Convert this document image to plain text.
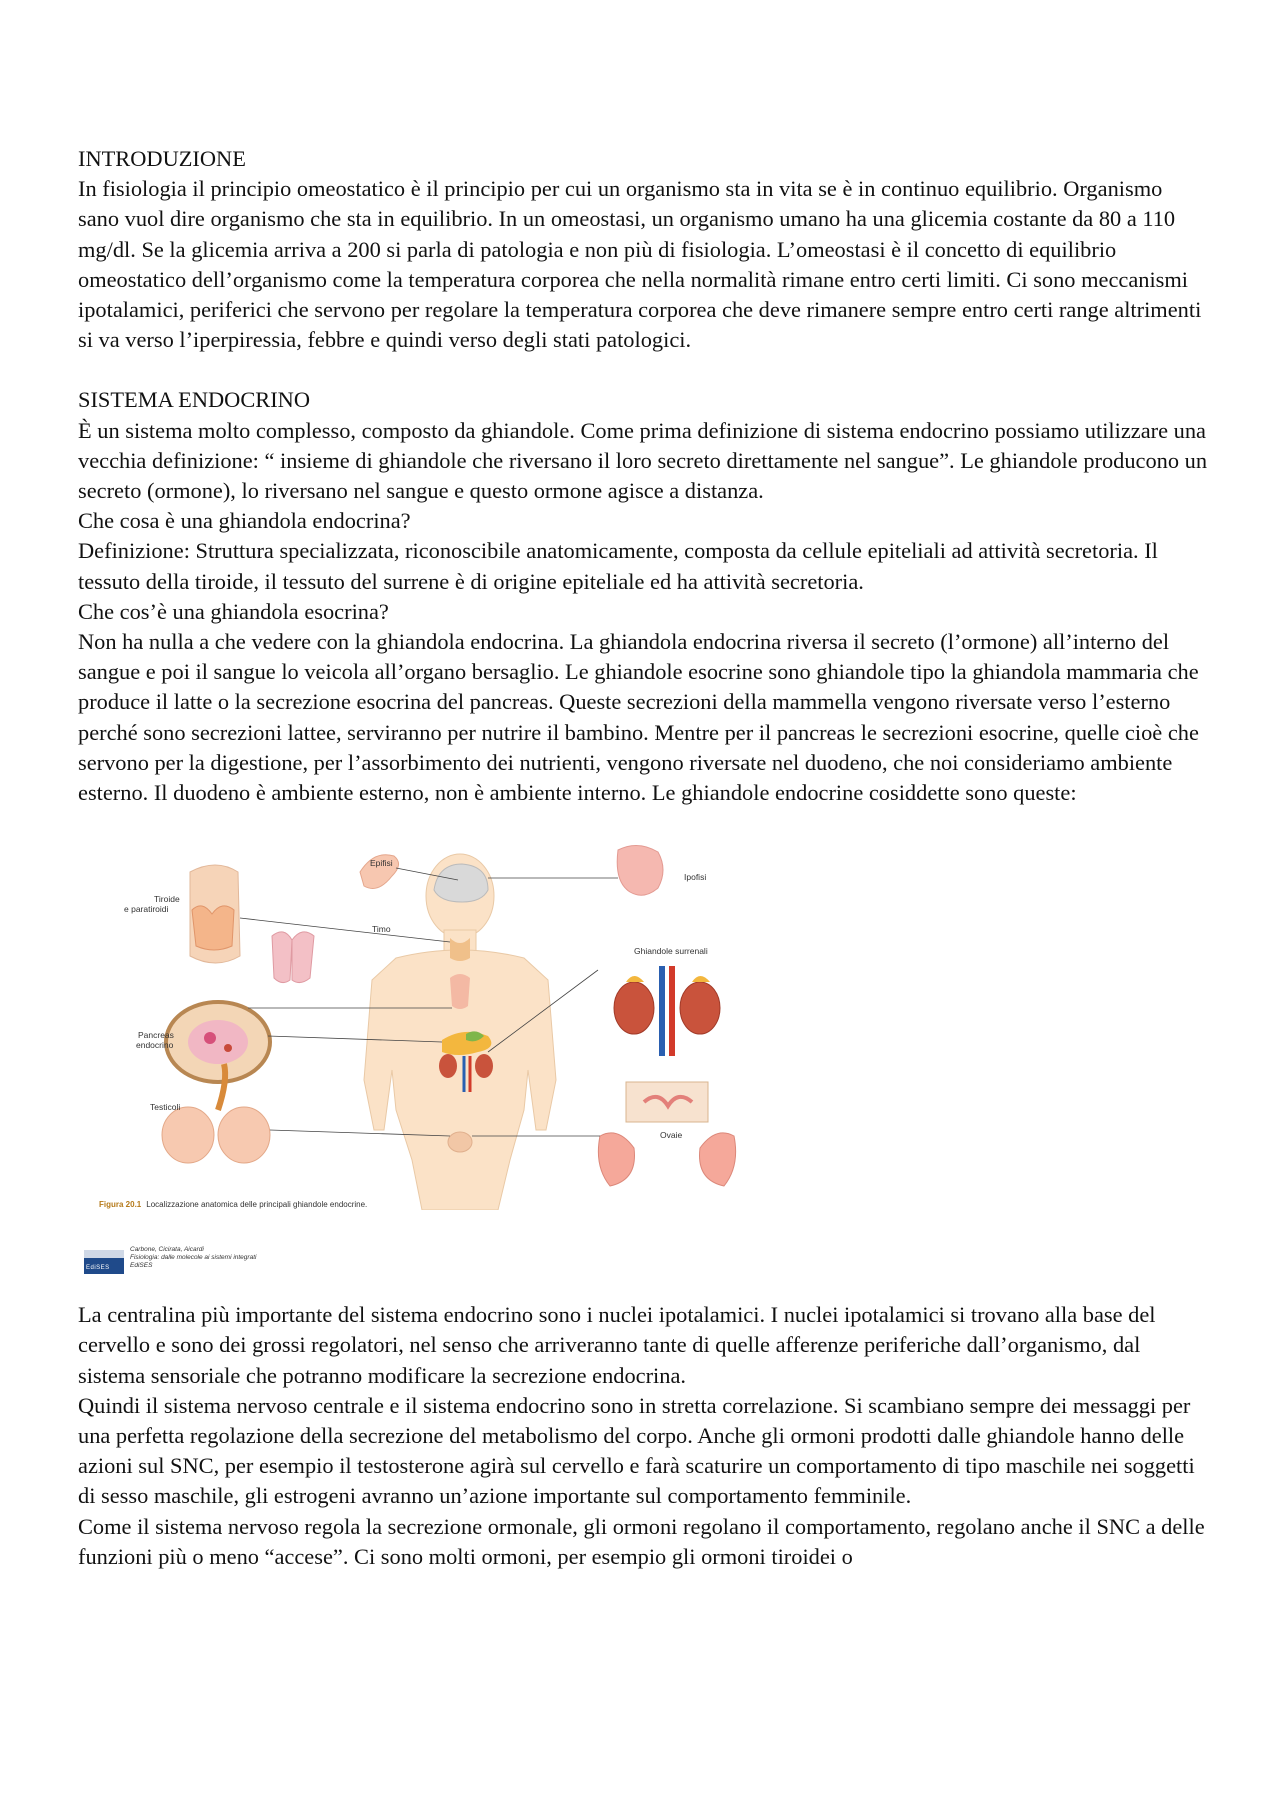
INTRODUZIONE

In fisiologia il principio omeostatico è il principio per cui un organismo sta in vita se è in continuo equilibrio. Organismo sano vuol dire organismo che sta in equilibrio. In un omeostasi, un organismo umano ha una glicemia costante da 80 a 110 mg/dl. Se la glicemia arriva a 200 si parla di patologia e non più di fisiologia. L’omeostasi è il concetto di equilibrio omeostatico dell’organismo come la temperatura corporea che nella normalità rimane entro certi limiti. Ci sono meccanismi ipotalamici, periferici che servono per regolare la temperatura corporea che deve rimanere sempre entro certi range altrimenti si va verso l’iperpiressia, febbre e quindi verso degli stati patologici.

SISTEMA ENDOCRINO

È un sistema molto complesso, composto da ghiandole. Come prima definizione di sistema endocrino possiamo utilizzare una vecchia definizione: “ insieme di ghiandole che riversano il loro secreto direttamente nel sangue”. Le ghiandole producono un secreto (ormone), lo riversano nel sangue e questo ormone agisce a distanza.

Che cosa è una ghiandola endocrina?

Definizione: Struttura specializzata, riconoscibile anatomicamente, composta da cellule epiteliali ad attività secretoria. Il tessuto della tiroide, il tessuto del surrene è di origine epiteliale ed ha attività secretoria.

Che cos’è una ghiandola esocrina?

Non ha nulla a che vedere con la ghiandola endocrina. La ghiandola endocrina riversa il secreto (l’ormone) all’interno del sangue e poi il sangue lo veicola all’organo bersaglio. Le ghiandole esocrine sono ghiandole tipo la ghiandola mammaria che produce il latte o la secrezione esocrina del pancreas. Queste secrezioni della mammella vengono riversate verso l’esterno perché sono secrezioni lattee, serviranno per nutrire il bambino. Mentre per il pancreas le secrezioni esocrine, quelle cioè che servono per la digestione, per l’assorbimento dei nutrienti, vengono riversate nel duodeno, che noi consideriamo ambiente esterno. Il duodeno è ambiente esterno, non è ambiente interno. Le ghiandole endocrine cosiddette sono queste:

Epifisi
Ipofisi
Tiroide
e paratiroidi
Timo
Ghiandole surrenali
Pancreas
endocrino
Testicoli
Ovaie
Figura 20.1 Localizzazione anatomica delle principali ghiandole endocrine.
EdiSES
Carbone, Cicirata, Aicardi
Fisiologia: dalle molecole ai sistemi integrati
EdiSES

La centralina più importante del sistema endocrino sono i nuclei ipotalamici. I nuclei ipotalamici si trovano alla base del cervello e sono dei grossi regolatori, nel senso che arriveranno tante di quelle afferenze periferiche dall’organismo, dal sistema sensoriale che potranno modificare la secrezione endocrina.

Quindi il sistema nervoso centrale e il sistema endocrino sono in stretta correlazione. Si scambiano sempre dei messaggi per una perfetta regolazione della secrezione del metabolismo del corpo. Anche gli ormoni prodotti dalle ghiandole hanno delle azioni sul SNC, per esempio il testosterone agirà sul cervello e farà scaturire un comportamento di tipo maschile nei soggetti di sesso maschile, gli estrogeni avranno un’azione importante sul comportamento femminile.

Come il sistema nervoso regola la secrezione ormonale, gli ormoni regolano il comportamento, regolano anche il SNC a delle funzioni più o meno “accese”. Ci sono molti ormoni, per esempio gli ormoni tiroidei o
